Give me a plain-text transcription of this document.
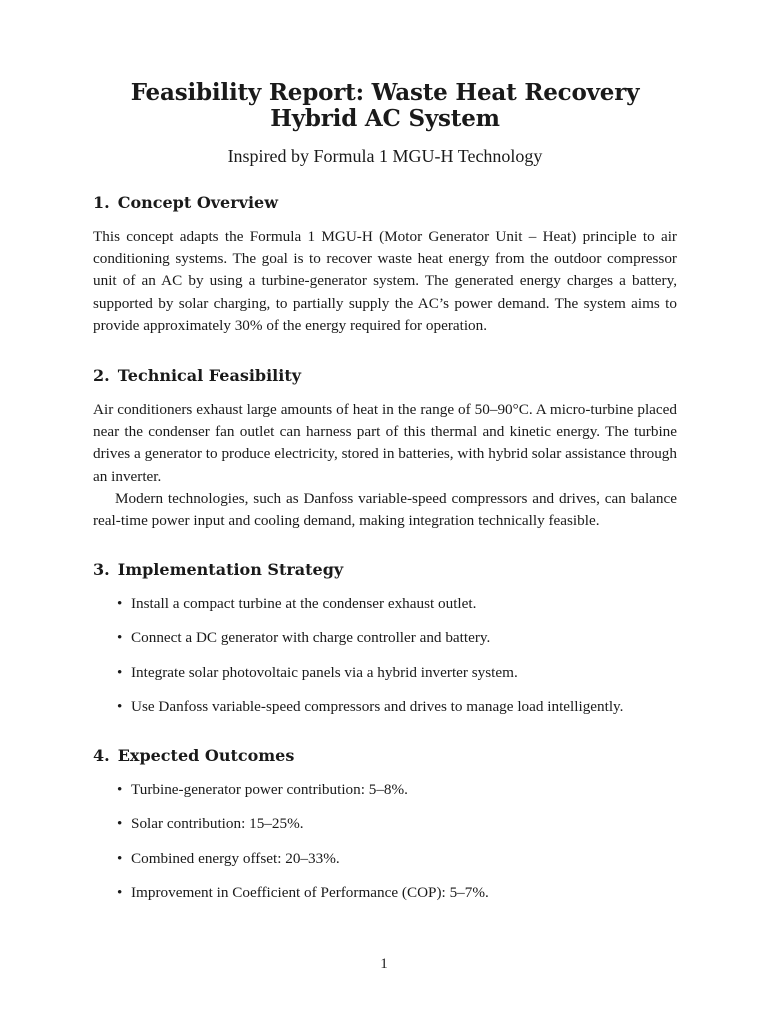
Feasibility Report: Waste Heat Recovery
Hybrid AC System
Inspired by Formula 1 MGU-H Technology
1. Concept Overview

This concept adapts the Formula 1 MGU-H (Motor Generator Unit – Heat) principle to air conditioning systems. The goal is to recover waste heat energy from the outdoor compressor unit of an AC by using a turbine-generator system. The generated energy charges a battery, supported by solar charging, to partially supply the AC’s power demand. The system aims to provide approximately 30% of the energy required for operation.

2. Technical Feasibility

Air conditioners exhaust large amounts of heat in the range of 50–90°C. A micro-turbine placed near the condenser fan outlet can harness part of this thermal and kinetic energy. The turbine drives a generator to produce electricity, stored in batteries, with hybrid solar assistance through an inverter.

Modern technologies, such as Danfoss variable-speed compressors and drives, can balance real-time power input and cooling demand, making integration technically feasible.

3. Implementation Strategy
• Install a compact turbine at the condenser exhaust outlet.
• Connect a DC generator with charge controller and battery.
• Integrate solar photovoltaic panels via a hybrid inverter system.
• Use Danfoss variable-speed compressors and drives to manage load intelligently.
4. Expected Outcomes
• Turbine-generator power contribution: 5–8%.
• Solar contribution: 15–25%.
• Combined energy offset: 20–33%.
• Improvement in Coefficient of Performance (COP): 5–7%.
1
